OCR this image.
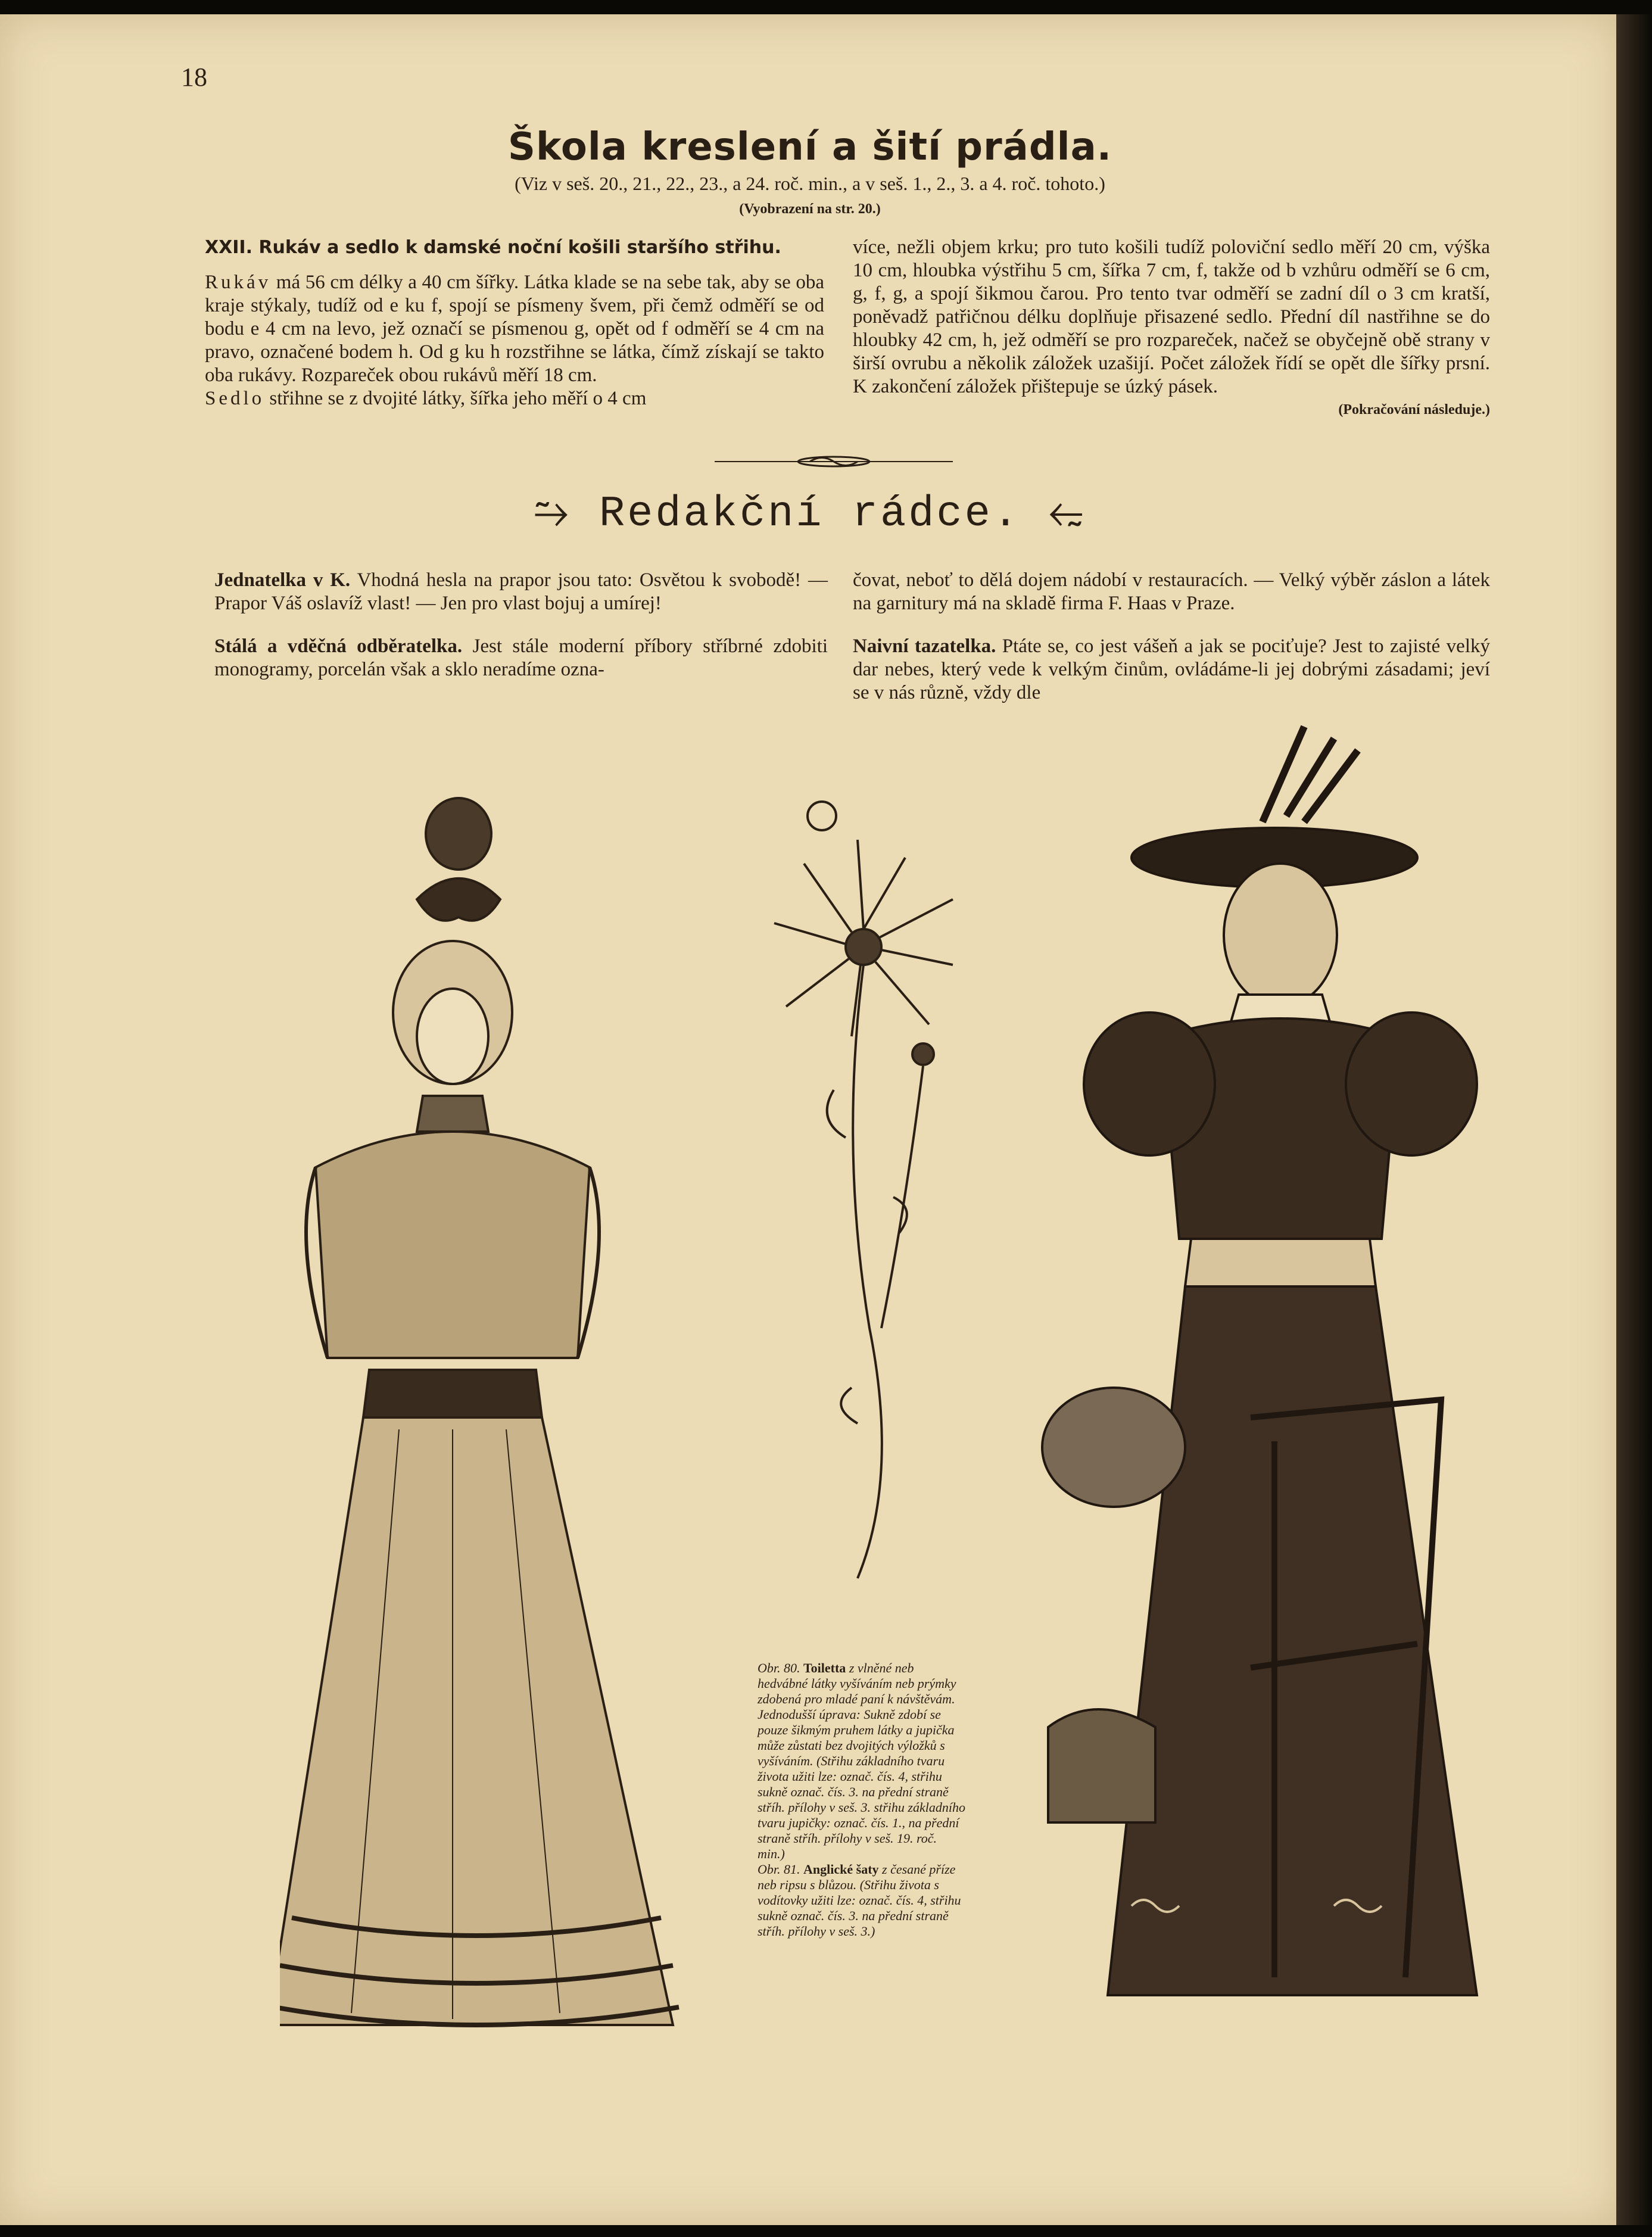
18
Škola kreslení a šití prádla.
(Viz v seš. 20., 21., 22., 23., a 24. roč. min., a v seš. 1., 2., 3. a 4. roč. tohoto.)
(Vyobrazení na str. 20.)
XXII. Rukáv a sedlo k damské noční košili staršího střihu.

Rukáv má 56 cm délky a 40 cm šířky. Látka klade se na sebe tak, aby se oba kraje stýkaly, tudíž od e ku f, spojí se písmeny švem, při čemž odměří se od bodu e 4 cm na levo, jež označí se písmenou g, opět od f odměří se 4 cm na pravo, označené bodem h. Od g ku h rozstřihne se látka, čímž získají se takto oba rukávy. Rozpareček obou rukávů měří 18 cm.

Sedlo střihne se z dvojité látky, šířka jeho měří o 4 cm

více, nežli objem krku; pro tuto košili tudíž poloviční sedlo měří 20 cm, výška 10 cm, hloubka výstřihu 5 cm, šířka 7 cm, f, takže od b vzhůru odměří se 6 cm, g, f, g, a spojí šikmou čarou. Pro tento tvar odměří se zadní díl o 3 cm kratší, poněvadž patřičnou délku doplňuje přisazené sedlo. Přední díl nastřihne se do hloubky 42 cm, h, jež odměří se pro rozpareček, načež se obyčejně obě strany v širší ovrubu a několik záložek uzašijí. Počet záložek řídí se opět dle šířky prsní. K zakončení záložek přištepuje se úzký pásek.

(Pokračování následuje.)
⥲ Redakční rádce. ⥳

Jednatelka v K. Vhodná hesla na prapor jsou tato: Osvětou k svobodě! — Prapor Váš oslavíž vlast! — Jen pro vlast bojuj a umírej!

Stálá a vděčná odběratelka. Jest stále moderní příbory stříbrné zdobiti monogramy, porcelán však a sklo neradíme ozna-

čovat, neboť to dělá dojem nádobí v restauracích. — Velký výběr záslon a látek na garnitury má na skladě firma F. Haas v Praze.

Naivní tazatelka. Ptáte se, co jest vášeň a jak se pociťuje? Jest to zajisté velký dar nebes, který vede k velkým činům, ovládáme-li jej dobrými zásadami; jeví se v nás různě, vždy dle

Obr. 80. Toiletta z vlněné neb hedvábné látky vyšíváním neb prýmky zdobená pro mladé paní k návštěvám. Jednodušší úprava: Sukně zdobí se pouze šikmým pruhem látky a jupička může zůstati bez dvojitých výložků s vyšíváním. (Střihu základního tvaru života užiti lze: označ. čís. 4, střihu sukně označ. čís. 3. na přední straně stříh. přílohy v seš. 3. střihu základního tvaru jupičky: označ. čís. 1., na přední straně stříh. přílohy v seš. 19. roč. min.)
Obr. 81. Anglické šaty z česané příze neb ripsu s blůzou. (Střihu života s vodítovky užiti lze: označ. čís. 4, střihu sukně označ. čís. 3. na přední straně stříh. přílohy v seš. 3.)
